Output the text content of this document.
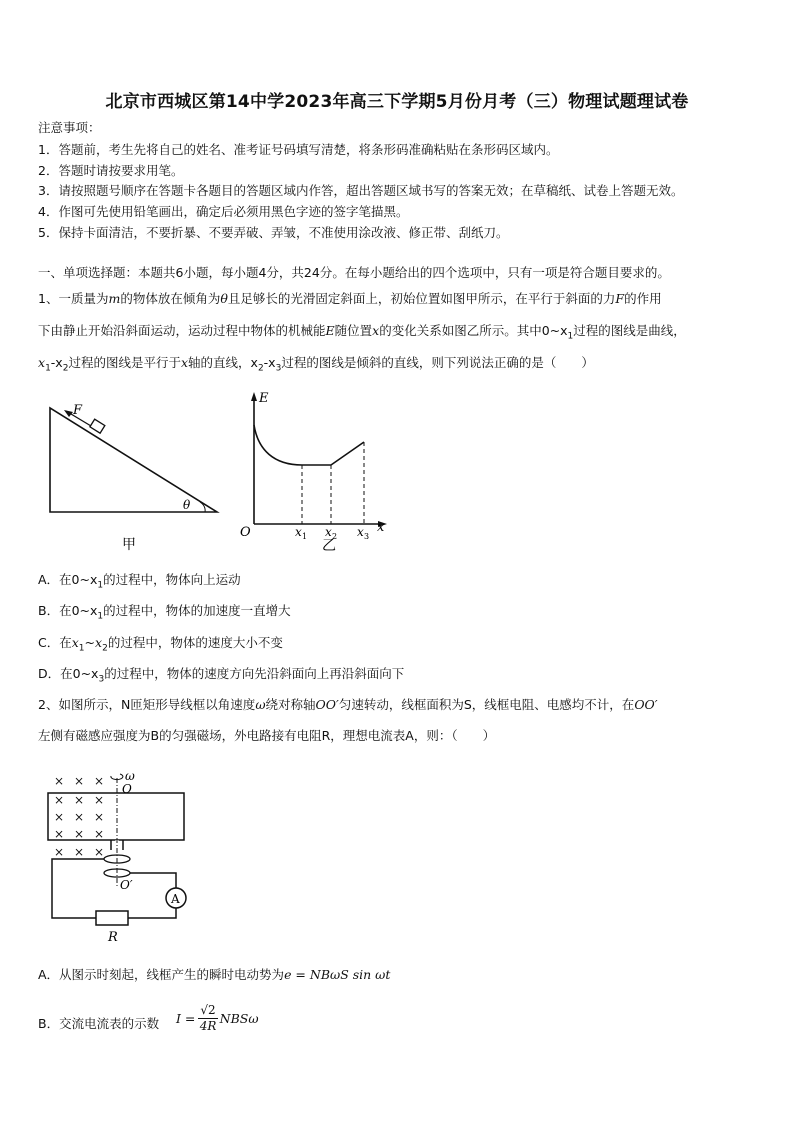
北京市西城区第14中学2023年高三下学期5月份月考（三）物理试题理试卷
注意事项：
1．答题前，考生先将自己的姓名、准考证号码填写清楚，将条形码准确粘贴在条形码区域内。
2．答题时请按要求用笔。
3．请按照题号顺序在答题卡各题目的答题区域内作答，超出答题区域书写的答案无效；在草稿纸、试卷上答题无效。
4．作图可先使用铅笔画出，确定后必须用黑色字迹的签字笔描黑。
5．保持卡面清洁，不要折暴、不要弄破、弄皱，不准使用涂改液、修正带、刮纸刀。
一、单项选择题：本题共6小题，每小题4分，共24分。在每小题给出的四个选项中，只有一项是符合题目要求的。
1、一质量为m的物体放在倾角为θ且足够长的光滑固定斜面上，初始位置如图甲所示，在平行于斜面的力F的作用
下由静止开始沿斜面运动，运动过程中物体的机械能E随位置x的变化关系如图乙所示。其中$0\sim x_1$过程的图线是曲线，
$x_1-x_2$过程的图线是平行于x轴的直线，$x_2-x_3$过程的图线是倾斜的直线，则下列说法正确的是（　　）
F
θ
甲
E
O	x 1 x 2 x 3
x
乙
A．在$0\sim x_1$的过程中，物体向上运动
B．在$0\sim x_1$的过程中，物体的加速度一直增大
C．在$x_1\sim x_2$的过程中，物体的速度大小不变
D．在$0\sim x_3$的过程中，物体的速度方向先沿斜面向上再沿斜面向下
2、如图所示，N匝矩形导线框以角速度ω绕对称轴OO′匀速转动，线框面积为S，线框电阻、电感均不计，在OO′
左侧有磁感应强度为B的匀强磁场，外电路接有电阻R，理想电流表A，则：（　　）
× × ×
× × ×
× × ×
× × ×
× × ×
ω
O
O′
A
R
A．从图示时刻起，线框产生的瞬时电动势为e = NBωS sin ωt
B．交流电流表的示数 $I = \frac{√2}{4R}$ NBSω
